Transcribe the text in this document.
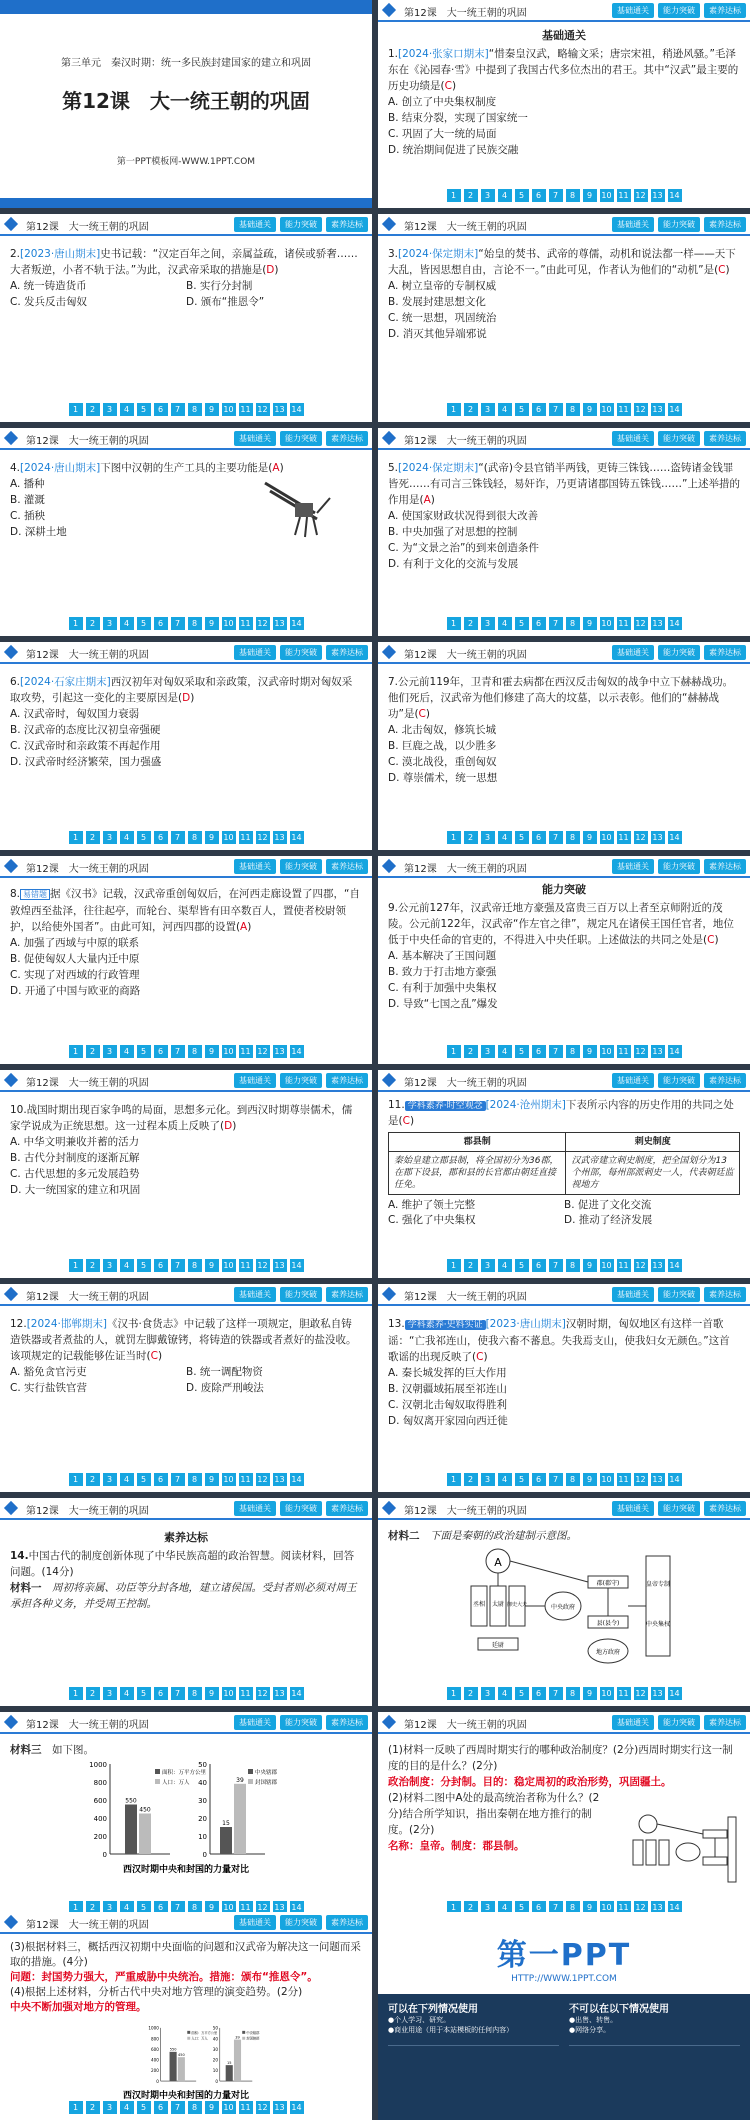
第三单元　秦汉时期：统一多民族封建国家的建立和巩固
第12课　大一统王朝的巩固
第一PPT模板网-WWW.1PPT.COM
第12课　大一统王朝的巩固	基础通关	能力突破	素养达标
基础通关
1.[2024·张家口期末]“惜秦皇汉武，略输文采；唐宗宋祖，稍逊风骚。”毛泽东在《沁园春·雪》中提到了我国古代多位杰出的君王。其中“汉武”最主要的历史功绩是(C)
A. 创立了中央集权制度
B. 结束分裂，实现了国家统一
C. 巩固了大一统的局面
D. 统治期间促进了民族交融
1	2	3	4	5	6	7	8	9	10 11 12 13 14
第12课　大一统王朝的巩固	基础通关	能力突破	素养达标
2.[2023·唐山期末]史书记载：“汉定百年之间，亲属益疏，诸侯或骄奢……大者叛逆，小者不轨于法。”为此，汉武帝采取的措施是(D)
A. 统一铸造货币	B. 实行分封制
C. 发兵反击匈奴	D. 颁布“推恩令”
1	2	3	4	5	6	7	8	9	10 11 12 13 14
第12课　大一统王朝的巩固	基础通关	能力突破	素养达标
3.[2024·保定期末]“始皇的焚书、武帝的尊儒，动机和说法都一样——天下大乱，皆因思想自由，言论不一。”由此可见，作者认为他们的“动机”是(C)
A. 树立皇帝的专制权威
B. 发展封建思想文化
C. 统一思想，巩固统治
D. 消灭其他异端邪说
1	2	3	4	5	6	7	8	9	10 11 12 13 14
第12课　大一统王朝的巩固	基础通关	能力突破	素养达标
4.[2024·唐山期末]下图中汉朝的生产工具的主要功能是(A)
A. 播种
B. 灌溉
C. 插秧
D. 深耕土地
1	2	3	4	5	6	7	8	9	10 11 12 13 14
第12课　大一统王朝的巩固	基础通关	能力突破	素养达标
5.[2024·保定期末]“(武帝)令县官销半两钱，更铸三铢钱……盗铸诸金钱罪皆死……有司言三铢钱轻，易奸诈，乃更请诸郡国铸五铢钱……”上述举措的作用是(A)
A. 使国家财政状况得到很大改善
B. 中央加强了对思想的控制
C. 为“文景之治”的到来创造条件
D. 有利于文化的交流与发展
1	2	3	4	5	6	7	8	9	10 11 12 13 14
第12课　大一统王朝的巩固	基础通关	能力突破	素养达标
6.[2024·石家庄期末]西汉初年对匈奴采取和亲政策，汉武帝时期对匈奴采取攻势，引起这一变化的主要原因是(D)
A. 汉武帝时，匈奴国力衰弱
B. 汉武帝的态度比汉初皇帝强硬
C. 汉武帝时和亲政策不再起作用
D. 汉武帝时经济繁荣，国力强盛
1	2	3	4	5	6	7	8	9	10 11 12 13 14
第12课　大一统王朝的巩固	基础通关	能力突破	素养达标
7.公元前119年，卫青和霍去病都在西汉反击匈奴的战争中立下赫赫战功。他们死后，汉武帝为他们修建了高大的坟墓，以示表彰。他们的“赫赫战功”是(C)
A. 北击匈奴，修筑长城
B. 巨鹿之战，以少胜多
C. 漠北战役，重创匈奴
D. 尊崇儒术，统一思想
1	2	3	4	5	6	7	8	9	10 11 12 13 14
第12课　大一统王朝的巩固	基础通关	能力突破	素养达标
8. 易错题 据《汉书》记载，汉武帝重创匈奴后，在河西走廊设置了四郡，“自敦煌西至盐泽，往往起亭，而轮台、渠犁皆有田卒数百人，置使者校尉领护，以给使外国者”。由此可知，河西四郡的设置(A)
A. 加强了西域与中原的联系
B. 促使匈奴人大量内迁中原
C. 实现了对西域的行政管理
D. 开通了中国与欧亚的商路
1	2	3	4	5	6	7	8	9	10 11 12 13 14
第12课　大一统王朝的巩固	基础通关	能力突破	素养达标
能力突破
9.公元前127年，汉武帝迁地方豪强及富贵三百万以上者至京师附近的茂陵。公元前122年，汉武帝“作左官之律”，规定凡在诸侯王国任官者，地位低于中央任命的官吏的，不得进入中央任职。上述做法的共同之处是(C)
A. 基本解决了王国问题
B. 致力于打击地方豪强
C. 有利于加强中央集权
D. 导致“七国之乱”爆发
1	2	3	4	5	6	7	8	9	10 11 12 13 14
第12课　大一统王朝的巩固	基础通关	能力突破	素养达标
10.战国时期出现百家争鸣的局面，思想多元化。到西汉时期尊崇儒术，儒家学说成为正统思想。这一过程本质上反映了(D)
A. 中华文明兼收并蓄的活力
B. 古代分封制度的逐渐瓦解
C. 古代思想的多元发展趋势
D. 大一统国家的建立和巩固
1	2	3	4	5	6	7	8	9	10 11 12 13 14
第12课　大一统王朝的巩固	基础通关	能力突破	素养达标
11. 学科素养·时空观念 [2024·沧州期末]下表所示内容的历史作用的共同之处是(C)
郡县制	刺史制度
秦始皇建立郡县制，将全国初分为36郡，在郡下设县，郡和县的长官都由朝廷直接任免。	汉武帝建立刺史制度，把全国划分为13个州部，每州部派刺史一人，代表朝廷监视地方
A. 维护了领土完整	B. 促进了文化交流
C. 强化了中央集权	D. 推动了经济发展
1	2	3	4	5	6	7	8	9	10 11 12 13 14
第12课　大一统王朝的巩固	基础通关	能力突破	素养达标
12.[2024·邯郸期末]《汉书·食货志》中记载了这样一项规定，胆敢私自铸造铁器或者煮盐的人，就罚左脚戴镣铐，将铸造的铁器或者煮好的盐没收。该项规定的记载能够佐证当时(C)
A. 豁免贪官污吏	B. 统一调配物资
C. 实行盐铁官营	D. 废除严刑峻法
1	2	3	4	5	6	7	8	9	10 11 12 13 14
第12课　大一统王朝的巩固	基础通关	能力突破	素养达标
13. 学科素养·史料实证 [2023·唐山期末]汉朝时期，匈奴地区有这样一首歌谣：“亡我祁连山，使我六畜不蕃息。失我焉支山，使我妇女无颜色。”这首歌谣的出现反映了(C)
A. 秦长城发挥的巨大作用
B. 汉朝疆域拓展至祁连山
C. 汉朝北击匈奴取得胜利
D. 匈奴离开家园向西迁徙
1	2	3	4	5	6	7	8	9	10 11 12 13 14
第12课　大一统王朝的巩固	基础通关	能力突破	素养达标
素养达标
14.中国古代的制度创新体现了中华民族高超的政治智慧。阅读材料，回答问题。(14分)
材料一　 周初将亲属、功臣等分封各地，建立诸侯国。受封者则必须对周王承担各种义务，并受周王控制。
1	2	3	4	5	6	7	8	9	10 11 12 13 14
第12课　大一统王朝的巩固	基础通关	能力突破	素养达标
材料二　 下面是秦朝的政治建制示意图。
A
丞相 太尉 御史大夫
廷尉
中央政府
郡(郡守)
县(县令)
地方政府
皇帝专制
中央集权
1	2	3	4	5	6	7	8	9	10 11 12 13 14
第12课　大一统王朝的巩固	基础通关	能力突破	素养达标
材料三　 如下图。
0
200
400
600
800
1000
550
450
0
10
20
30
40
50
15
39
面积：万平方公里
人口：万人
中央辖郡
封国辖郡
西汉时期中央和封国的力量对比
1	2	3	4	5	6	7	8	9	10 11 12 13 14
第12课　大一统王朝的巩固	基础通关	能力突破	素养达标
(1)材料一反映了西周时期实行的哪种政治制度？(2分)西周时期实行这一制度的目的是什么？(2分)
政治制度：分封制。目的：稳定周初的政治形势，巩固疆土。
(2)材料二图中A处的最高统治者称为什么？(2分)结合所学知识，指出秦朝在地方推行的制度。(2分)
名称：皇帝。制度：郡县制。
1	2	3	4	5	6	7	8	9	10 11 12 13 14
第12课　大一统王朝的巩固	基础通关	能力突破	素养达标
(3)根据材料三，概括西汉初期中央面临的问题和汉武帝为解决这一问题而采取的措施。(4分)
问题：封国势力强大，严重威胁中央统治。措施：颁布“推恩令”。
(4)根据上述材料，分析古代中央对地方管理的演变趋势。(2分)
中央不断加强对地方的管理。
0
200
400
600
800
1000
550
450
0
10
20
30
40
50
15
39
面积：万平方公里
人口：万人
中央辖郡
封国辖郡
西汉时期中央和封国的力量对比
1	2	3	4	5	6	7	8	9	10 11 12 13 14
第一PPT
HTTP://WWW.1PPT.COM
可以在下列情况使用
●个人学习、研究。
●商业用途（用于本站模板的任何内容）
不可以在以下情况使用
●出售、转售。
●网络分享。
